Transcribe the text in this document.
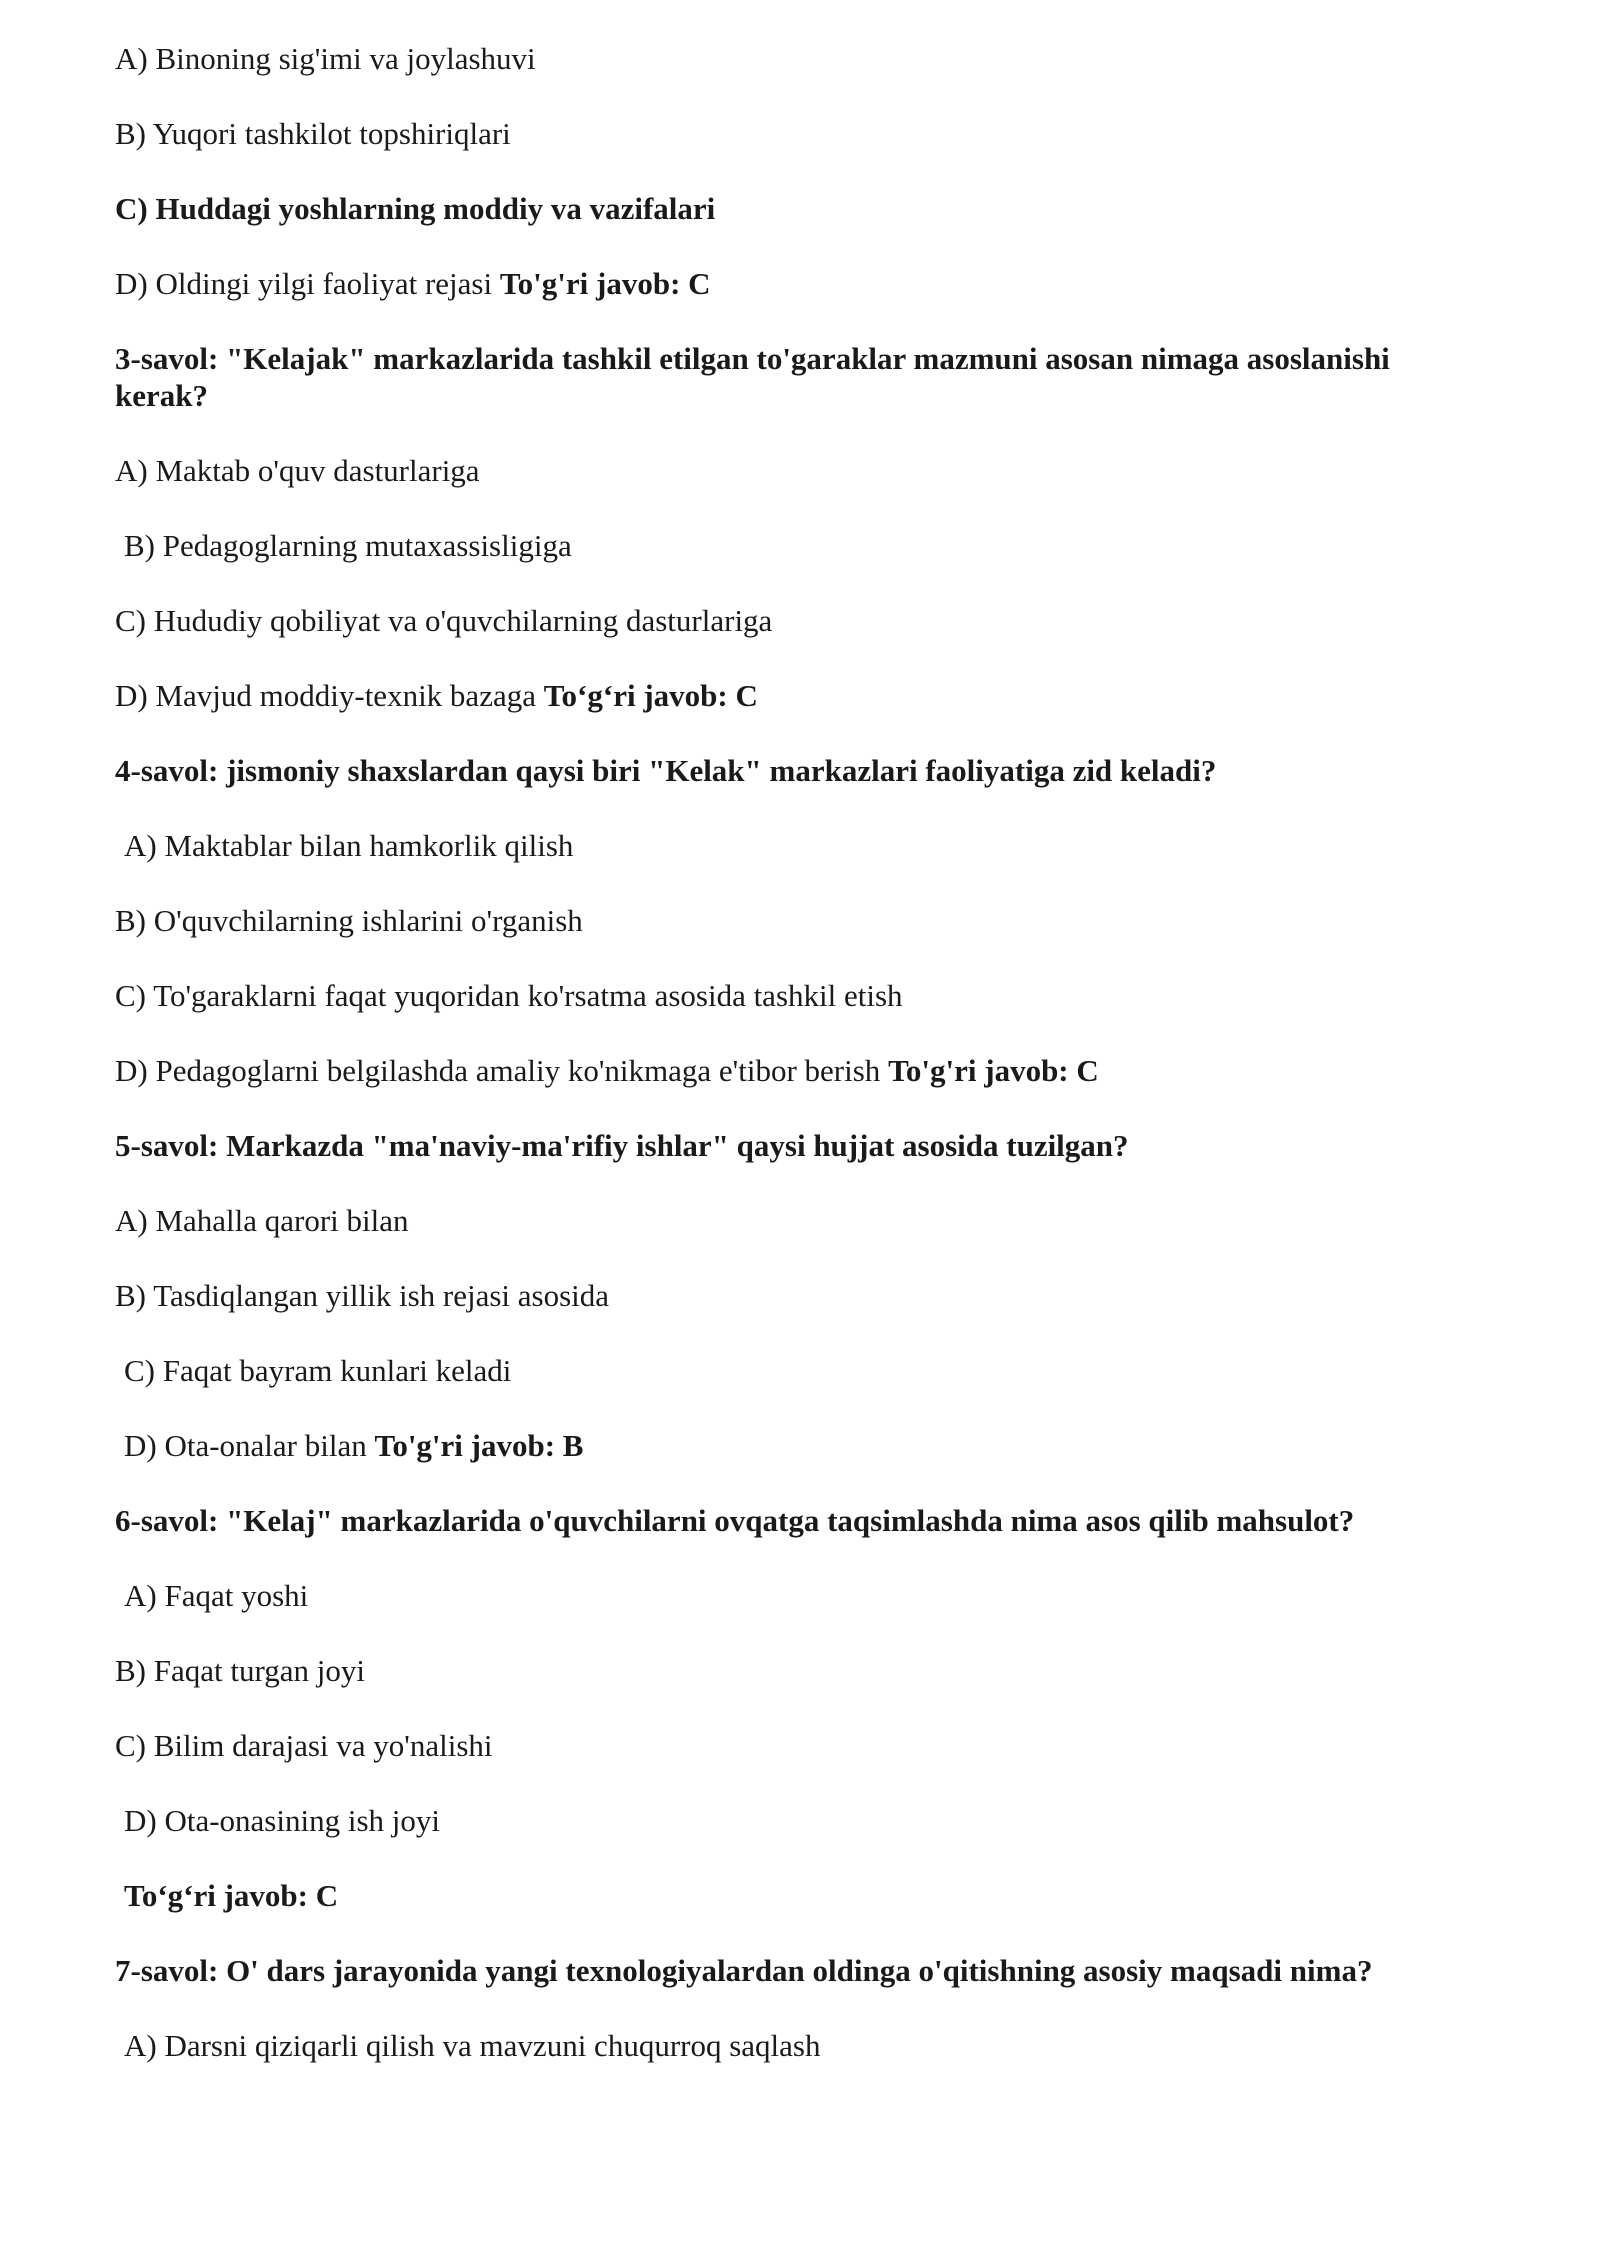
A) Binoning sig'imi va joylashuvi

B) Yuqori tashkilot topshiriqlari

C) Huddagi yoshlarning moddiy va vazifalari

D) Oldingi yilgi faoliyat rejasi To'g'ri javob: C

3-savol: "Kelajak" markazlarida tashkil etilgan to'garaklar mazmuni asosan nimaga asoslanishi kerak?

A) Maktab o'quv dasturlariga

B) Pedagoglarning mutaxassisligiga

C) Hududiy qobiliyat va o'quvchilarning dasturlariga

D) Mavjud moddiy-texnik bazaga To‘g‘ri javob: C

4-savol: jismoniy shaxslardan qaysi biri "Kelak" markazlari faoliyatiga zid keladi?

A) Maktablar bilan hamkorlik qilish

B) O'quvchilarning ishlarini o'rganish

C) To'garaklarni faqat yuqoridan ko'rsatma asosida tashkil etish

D) Pedagoglarni belgilashda amaliy ko'nikmaga e'tibor berish To'g'ri javob: C

5-savol: Markazda "ma'naviy-ma'rifiy ishlar" qaysi hujjat asosida tuzilgan?

A) Mahalla qarori bilan

B) Tasdiqlangan yillik ish rejasi asosida

C) Faqat bayram kunlari keladi

D) Ota-onalar bilan To'g'ri javob: B

6-savol: "Kelaj" markazlarida o'quvchilarni ovqatga taqsimlashda nima asos qilib mahsulot?

A) Faqat yoshi

B) Faqat turgan joyi

C) Bilim darajasi va yo'nalishi

D) Ota-onasining ish joyi

To‘g‘ri javob: C

7-savol: O' dars jarayonida yangi texnologiyalardan oldinga o'qitishning asosiy maqsadi nima?

A) Darsni qiziqarli qilish va mavzuni chuqurroq saqlash
